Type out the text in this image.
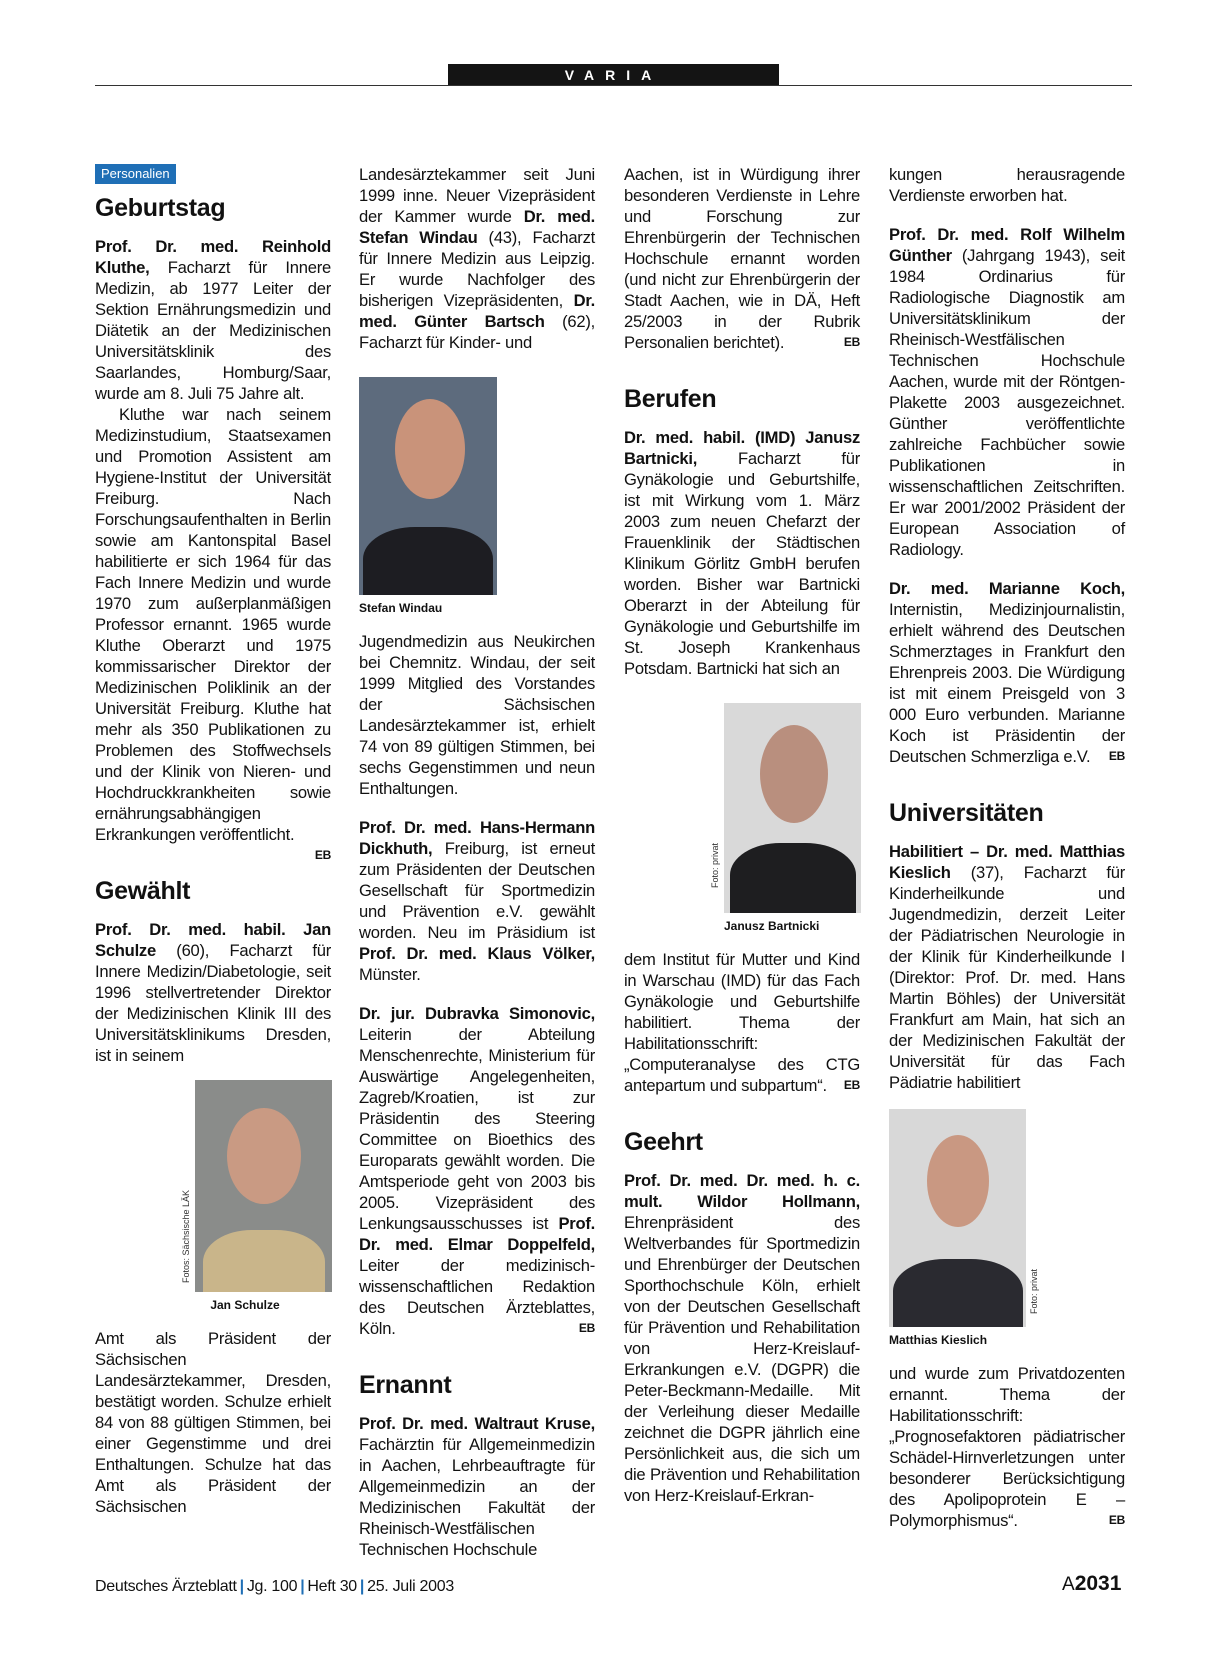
VARIA
Personalien
Geburtstag

Prof. Dr. med. Reinhold Kluthe, Facharzt für Innere Medizin, ab 1977 Leiter der Sektion Ernährungsmedizin und Diätetik an der Medizinischen Universitätsklinik des Saarlandes, Homburg/Saar, wurde am 8. Juli 75 Jahre alt.

Kluthe war nach seinem Medizinstudium, Staatsexamen und Promotion Assistent am Hygiene-Institut der Universität Freiburg. Nach Forschungsaufenthalten in Berlin sowie am Kantonspital Basel habilitierte er sich 1964 für das Fach Innere Medizin und wurde 1970 zum außerplanmäßigen Professor ernannt. 1965 wurde Kluthe Oberarzt und 1975 kommissarischer Direktor der Medizinischen Poliklinik an der Universität Freiburg. Kluthe hat mehr als 350 Publikationen zu Problemen des Stoffwechsels und der Klinik von Nieren- und Hochdruckkrankheiten sowie ernährungsabhängigen Erkrankungen veröffentlicht.
EB

Gewählt

Prof. Dr. med. habil. Jan Schulze (60), Facharzt für Innere Medizin/Diabetologie, seit 1996 stellvertretender Direktor der Medizinischen Klinik III des Universitätsklinikums Dresden, ist in seinem

Fotos: Sächsische LÄK
Jan Schulze

Amt als Präsident der Sächsischen Landesärztekammer, Dresden, bestätigt worden. Schulze erhielt 84 von 88 gültigen Stimmen, bei einer Gegenstimme und drei Enthaltungen. Schulze hat das Amt als Präsident der Sächsischen

Landesärztekammer seit Juni 1999 inne. Neuer Vizepräsident der Kammer wurde Dr. med. Stefan Windau (43), Facharzt für Innere Medizin aus Leipzig. Er wurde Nachfolger des bisherigen Vizepräsidenten, Dr. med. Günter Bartsch (62), Facharzt für Kinder- und

Stefan Windau

Jugendmedizin aus Neukirchen bei Chemnitz. Windau, der seit 1999 Mitglied des Vorstandes der Sächsischen Landesärztekammer ist, erhielt 74 von 89 gültigen Stimmen, bei sechs Gegenstimmen und neun Enthaltungen.

Prof. Dr. med. Hans-Hermann Dickhuth, Freiburg, ist erneut zum Präsidenten der Deutschen Gesellschaft für Sportmedizin und Prävention e.V. gewählt worden. Neu im Präsidium ist Prof. Dr. med. Klaus Völker, Münster.

Dr. jur. Dubravka Simonovic, Leiterin der Abteilung Menschenrechte, Ministerium für Auswärtige Angelegenheiten, Zagreb/Kroatien, ist zur Präsidentin des Steering Committee on Bioethics des Europarats gewählt worden. Die Amtsperiode geht von 2003 bis 2005. Vizepräsident des Lenkungsausschusses ist Prof. Dr. med. Elmar Doppelfeld, Leiter der medizinisch-wissenschaftlichen Redaktion des Deutschen Ärzteblattes, Köln.	EB

Ernannt

Prof. Dr. med. Waltraut Kruse, Fachärztin für Allgemeinmedizin in Aachen, Lehrbeauftragte für Allgemeinmedizin an der Medizinischen Fakultät der Rheinisch-Westfälischen Technischen Hochschule

Aachen, ist in Würdigung ihrer besonderen Verdienste in Lehre und Forschung zur Ehrenbürgerin der Technischen Hochschule ernannt worden (und nicht zur Ehrenbürgerin der Stadt Aachen, wie in DÄ, Heft 25/2003 in der Rubrik Personalien berichtet).	EB

Berufen

Dr. med. habil. (IMD) Janusz Bartnicki, Facharzt für Gynäkologie und Geburtshilfe, ist mit Wirkung vom 1. März 2003 zum neuen Chefarzt der Frauenklinik der Städtischen Klinikum Görlitz GmbH berufen worden. Bisher war Bartnicki Oberarzt in der Abteilung für Gynäkologie und Geburtshilfe im St. Joseph Krankenhaus Potsdam. Bartnicki hat sich an

Foto: privat
Janusz Bartnicki

dem Institut für Mutter und Kind in Warschau (IMD) für das Fach Gynäkologie und Geburtshilfe habilitiert. Thema der Habilitationsschrift: „Computeranalyse des CTG antepartum und subpartum“. EB

Geehrt

Prof. Dr. med. Dr. med. h. c. mult. Wildor Hollmann, Ehrenpräsident des Weltverbandes für Sportmedizin und Ehrenbürger der Deutschen Sporthochschule Köln, erhielt von der Deutschen Gesellschaft für Prävention und Rehabilitation von Herz-Kreislauf-Erkrankungen e.V. (DGPR) die Peter-Beckmann-Medaille. Mit der Verleihung dieser Medaille zeichnet die DGPR jährlich eine Persönlichkeit aus, die sich um die Prävention und Rehabilitation von Herz-Kreislauf-Erkran-

kungen herausragende Verdienste erworben hat.

Prof. Dr. med. Rolf Wilhelm Günther (Jahrgang 1943), seit 1984 Ordinarius für Radiologische Diagnostik am Universitätsklinikum der Rheinisch-Westfälischen Technischen Hochschule Aachen, wurde mit der Röntgen-Plakette 2003 ausgezeichnet. Günther veröffentlichte zahlreiche Fachbücher sowie Publikationen in wissenschaftlichen Zeitschriften. Er war 2001/2002 Präsident der European Association of Radiology.

Dr. med. Marianne Koch, Internistin, Medizinjournalistin, erhielt während des Deutschen Schmerztages in Frankfurt den Ehrenpreis 2003. Die Würdigung ist mit einem Preisgeld von 3 000 Euro verbunden. Marianne Koch ist Präsidentin der Deutschen Schmerzliga e.V. EB

Universitäten

Habilitiert – Dr. med. Matthias Kieslich (37), Facharzt für Kinderheilkunde und Jugendmedizin, derzeit Leiter der Pädiatrischen Neurologie in der Klinik für Kinderheilkunde I (Direktor: Prof. Dr. med. Hans Martin Böhles) der Universität Frankfurt am Main, hat sich an der Medizinischen Fakultät der Universität für das Fach Pädiatrie habilitiert

Foto: privat
Matthias Kieslich

und wurde zum Privatdozenten ernannt. Thema der Habilitationsschrift: „Prognosefaktoren pädiatrischer Schädel-Hirnverletzungen unter besonderer Berücksichtigung des Apolipoprotein E – Polymorphismus“.	EB

Deutsches Ärzteblatt | Jg. 100 | Heft 30 | 25. Juli 2003	A2031
